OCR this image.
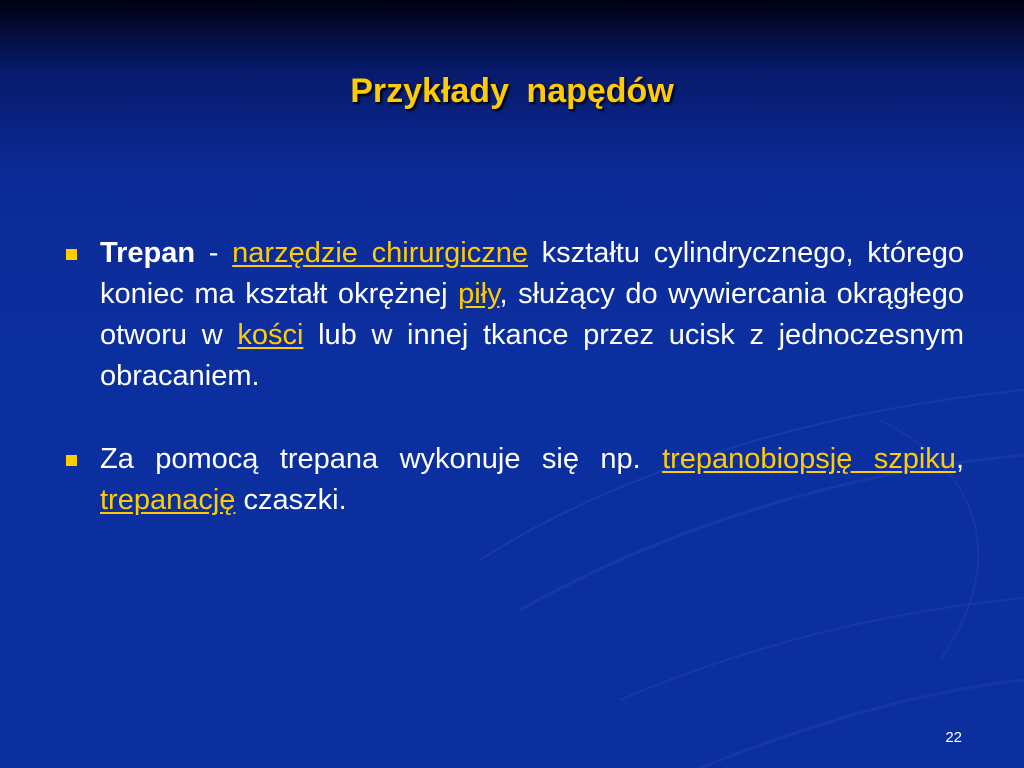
Przykłady napędów
Trepan - narzędzie chirurgiczne kształtu cylindrycznego, którego koniec ma kształt okrężnej piły, służący do wywiercania okrągłego otworu w kości lub w innej tkance przez ucisk z jednoczesnym obracaniem.
Za pomocą trepana wykonuje się np. trepanobiopsję szpiku, trepanację czaszki.
22
